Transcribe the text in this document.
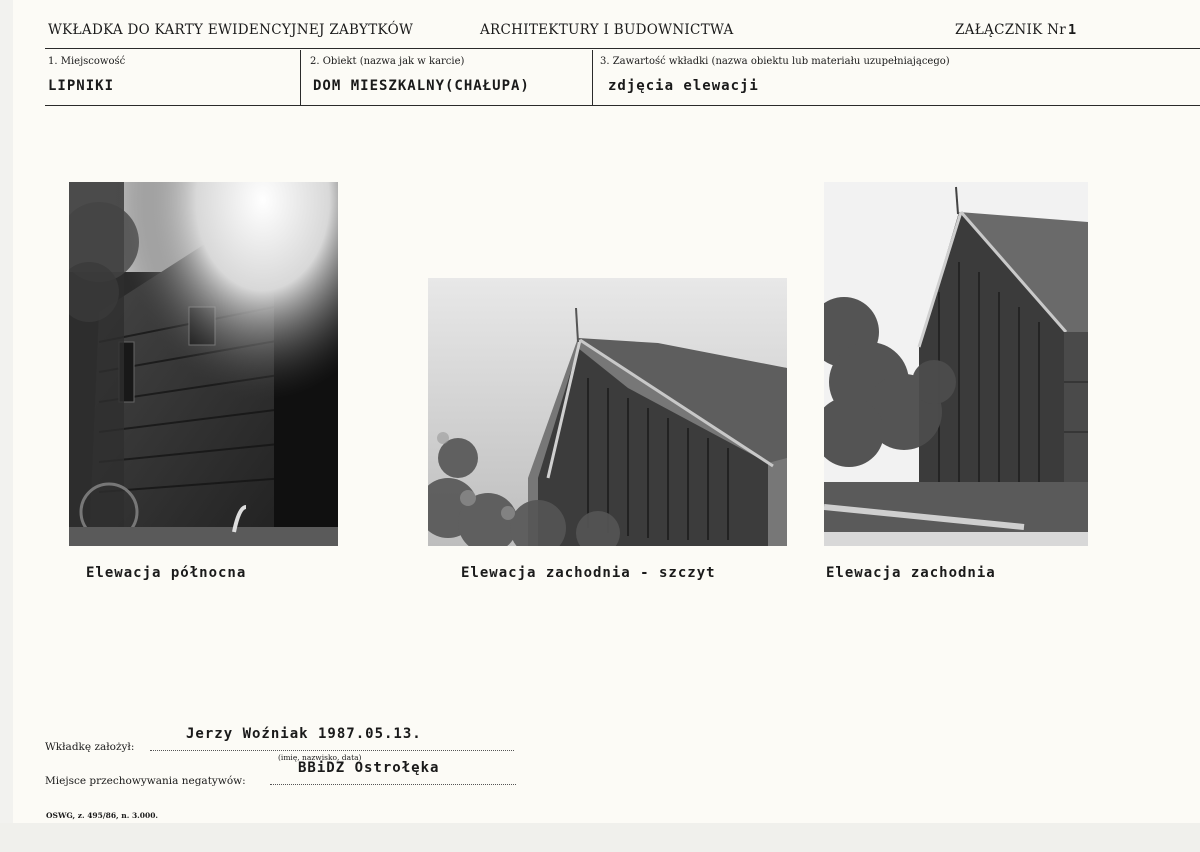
WKŁADKA DO KARTY EWIDENCYJNEJ ZABYTKÓW	ARCHITEKTURY I BUDOWNICTWA	ZAŁĄCZNIK Nr 1
1. Miejscowość
LIPNIKI
2. Obiekt (nazwa jak w karcie)
DOM MIESZKALNY(CHAŁUPA)
3. Zawartość wkładki (nazwa obiektu lub materiału uzupełniającego)
zdjęcia elewacji
Elewacja północna	Elewacja zachodnia - szczyt	Elewacja zachodnia
Wkładkę założył:
Jerzy Woźniak 1987.05.13.
(imię, nazwisko, data)
Miejsce przechowywania negatywów:
BBiDZ Ostrołęka
OSWG, z. 495/86, n. 3.000.
